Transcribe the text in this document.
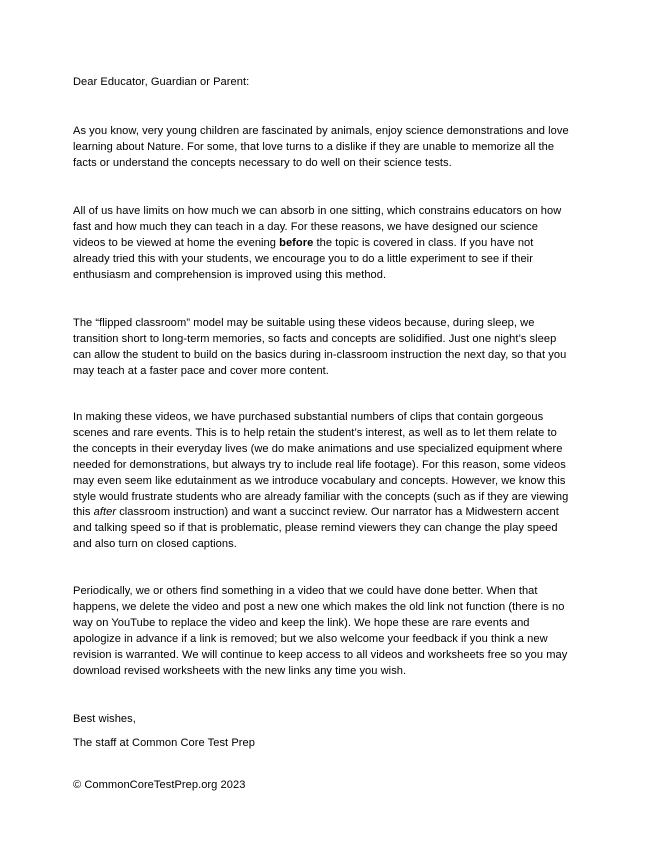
Dear Educator, Guardian or Parent:

As you know, very young children are fascinated by animals, enjoy science demonstrations and love learning about Nature. For some, that love turns to a dislike if they are unable to memorize all the facts or understand the concepts necessary to do well on their science tests.

All of us have limits on how much we can absorb in one sitting, which constrains educators on how fast and how much they can teach in a day. For these reasons, we have designed our science videos to be viewed at home the evening before the topic is covered in class. If you have not already tried this with your students, we encourage you to do a little experiment to see if their enthusiasm and comprehension is improved using this method.

The “flipped classroom” model may be suitable using these videos because, during sleep, we transition short to long-term memories, so facts and concepts are solidified. Just one night’s sleep can allow the student to build on the basics during in-classroom instruction the next day, so that you may teach at a faster pace and cover more content.

In making these videos, we have purchased substantial numbers of clips that contain gorgeous scenes and rare events. This is to help retain the student’s interest, as well as to let them relate to the concepts in their everyday lives (we do make animations and use specialized equipment where needed for demonstrations, but always try to include real life footage). For this reason, some videos may even seem like edutainment as we introduce vocabulary and concepts. However, we know this style would frustrate students who are already familiar with the concepts (such as if they are viewing this after classroom instruction) and want a succinct review. Our narrator has a Midwestern accent and talking speed so if that is problematic, please remind viewers they can change the play speed and also turn on closed captions.

Periodically, we or others find something in a video that we could have done better. When that happens, we delete the video and post a new one which makes the old link not function (there is no way on YouTube to replace the video and keep the link). We hope these are rare events and apologize in advance if a link is removed; but we also welcome your feedback if you think a new revision is warranted. We will continue to keep access to all videos and worksheets free so you may download revised worksheets with the new links any time you wish.

Best wishes,

The staff at Common Core Test Prep

© CommonCoreTestPrep.org 2023
